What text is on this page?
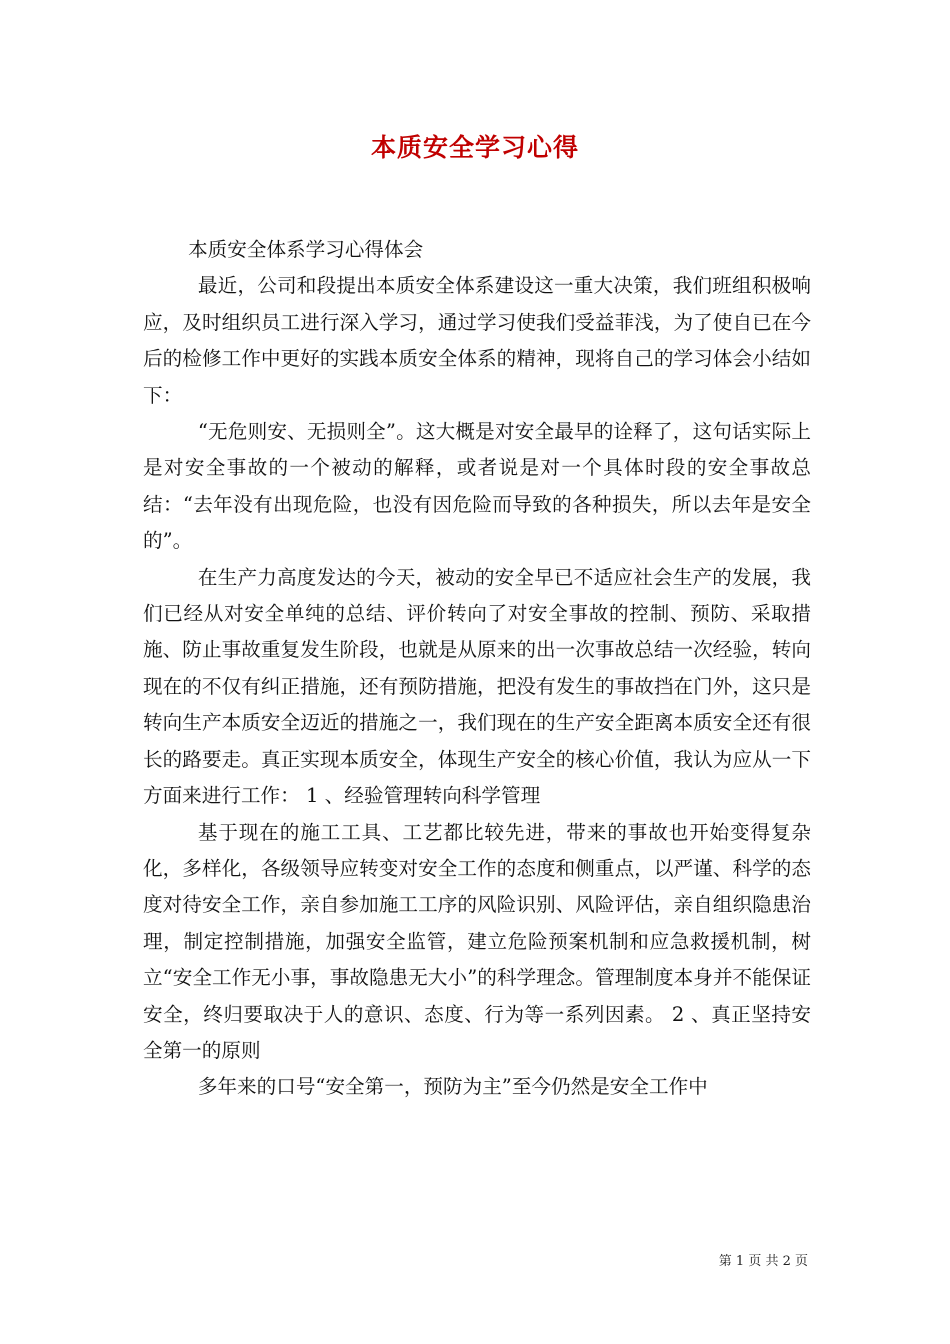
本质安全学习心得

本质安全体系学习心得体会

最近，公司和段提出本质安全体系建设这一重大决策，我们班组积极响应，及时组织员工进行深入学习，通过学习使我们受益菲浅，为了使自已在今后的检修工作中更好的实践本质安全体系的精神，现将自己的学习体会小结如下：

“无危则安、无损则全”。这大概是对安全最早的诠释了，这句话实际上是对安全事故的一个被动的解释，或者说是对一个具体时段的安全事故总结：“去年没有出现危险，也没有因危险而导致的各种损失，所以去年是安全的”。

在生产力高度发达的今天，被动的安全早已不适应社会生产的发展，我们已经从对安全单纯的总结、评价转向了对安全事故的控制、预防、采取措施、防止事故重复发生阶段，也就是从原来的出一次事故总结一次经验，转向现在的不仅有纠正措施，还有预防措施，把没有发生的事故挡在门外，这只是转向生产本质安全迈近的措施之一，我们现在的生产安全距离本质安全还有很长的路要走。真正实现本质安全，体现生产安全的核心价值，我认为应从一下方面来进行工作： 1 、经验管理转向科学管理

基于现在的施工工具、工艺都比较先进，带来的事故也开始变得复杂化，多样化，各级领导应转变对安全工作的态度和侧重点，以严谨、科学的态度对待安全工作，亲自参加施工工序的风险识别、风险评估，亲自组织隐患治理，制定控制措施，加强安全监管，建立危险预案机制和应急救援机制，树立“安全工作无小事，事故隐患无大小”的科学理念。管理制度本身并不能保证安全，终归要取决于人的意识、态度、行为等一系列因素。 2 、真正坚持安全第一的原则

多年来的口号“安全第一，预防为主”至今仍然是安全工作中

第 1 页 共 2 页
